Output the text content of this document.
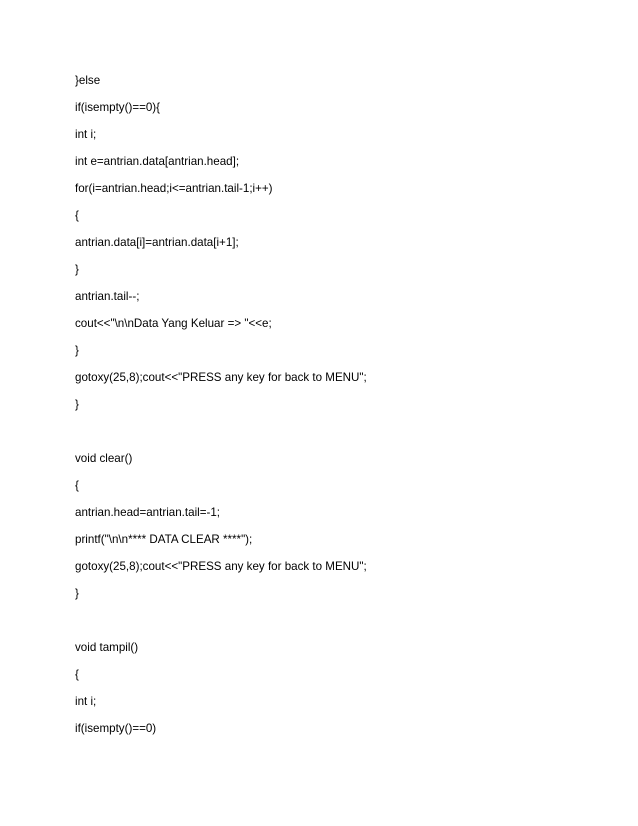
}else
if(isempty()==0){
int i;
int e=antrian.data[antrian.head];
for(i=antrian.head;i<=antrian.tail-1;i++)
{
antrian.data[i]=antrian.data[i+1];
}
antrian.tail--;
cout<<"\n\nData Yang Keluar => "<<e;
}
gotoxy(25,8);cout<<"PRESS any key for back to MENU";
}
void clear()
{
antrian.head=antrian.tail=-1;
printf("\n\n**** DATA CLEAR ****");
gotoxy(25,8);cout<<"PRESS any key for back to MENU";
}
void tampil()
{
int i;
if(isempty()==0)
